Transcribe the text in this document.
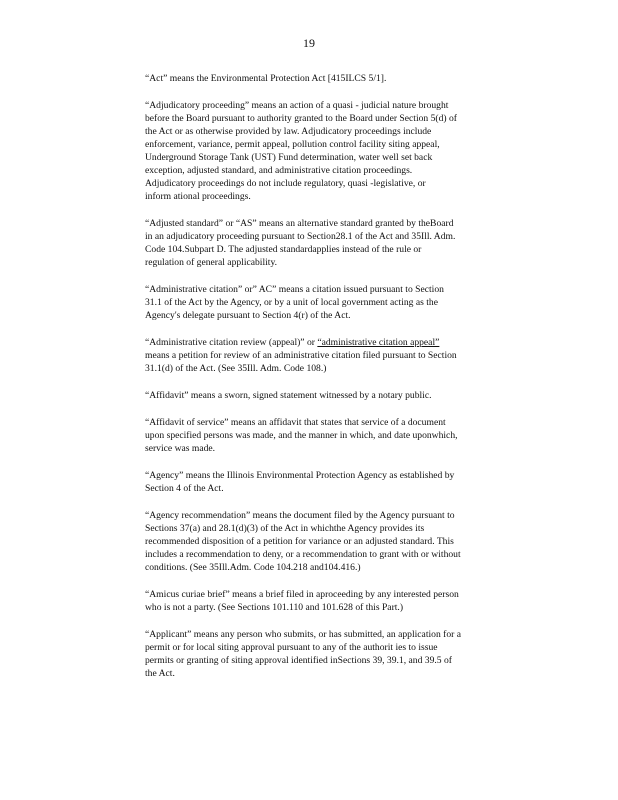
19
“Act” means the Environmental Protection Act [415ILCS 5/1].
“Adjudicatory proceeding” means an action of a quasi - judicial nature brought
before the Board pursuant to authority granted to the Board under Section 5(d) of
the Act or as otherwise provided by law. Adjudicatory proceedings include
enforcement, variance, permit appeal, pollution control facility siting appeal,
Underground Storage Tank (UST) Fund determination, water well set back
exception, adjusted standard, and administrative citation proceedings.
Adjudicatory proceedings do not include regulatory, quasi -legislative, or
inform ational proceedings.
“Adjusted standard” or “AS” means an alternative standard granted by theBoard
in an adjudicatory proceeding pursuant to Section28.1 of the Act and 35Ill. Adm.
Code 104.Subpart D. The adjusted standardapplies instead of the rule or
regulation of general applicability.
“Administrative citation” or” AC” means a citation issued pursuant to Section
31.1 of the Act by the Agency, or by a unit of local government acting as the
Agency's delegate pursuant to Section 4(r) of the Act.
“Administrative citation review (appeal)” or “administrative citation appeal”
means a petition for review of an administrative citation filed pursuant to Section
31.1(d) of the Act. (See 35Ill. Adm. Code 108.)
“Affidavit” means a sworn, signed statement witnessed by a notary public.
“Affidavit of service” means an affidavit that states that service of a document
upon specified persons was made, and the manner in which, and date uponwhich,
service was made.
“Agency” means the Illinois Environmental Protection Agency as established by
Section 4 of the Act.
“Agency recommendation” means the document filed by the Agency pursuant to
Sections 37(a) and 28.1(d)(3) of the Act in whichthe Agency provides its
recommended disposition of a petition for variance or an adjusted standard. This
includes a recommendation to deny, or a recommendation to grant with or without
conditions. (See 35Ill.Adm. Code 104.218 and104.416.)
“Amicus curiae brief” means a brief filed in aproceeding by any interested person
who is not a party. (See Sections 101.110 and 101.628 of this Part.)
“Applicant” means any person who submits, or has submitted, an application for a
permit or for local siting approval pursuant to any of the authorit ies to issue
permits or granting of siting approval identified inSections 39, 39.1, and 39.5 of
the Act.
